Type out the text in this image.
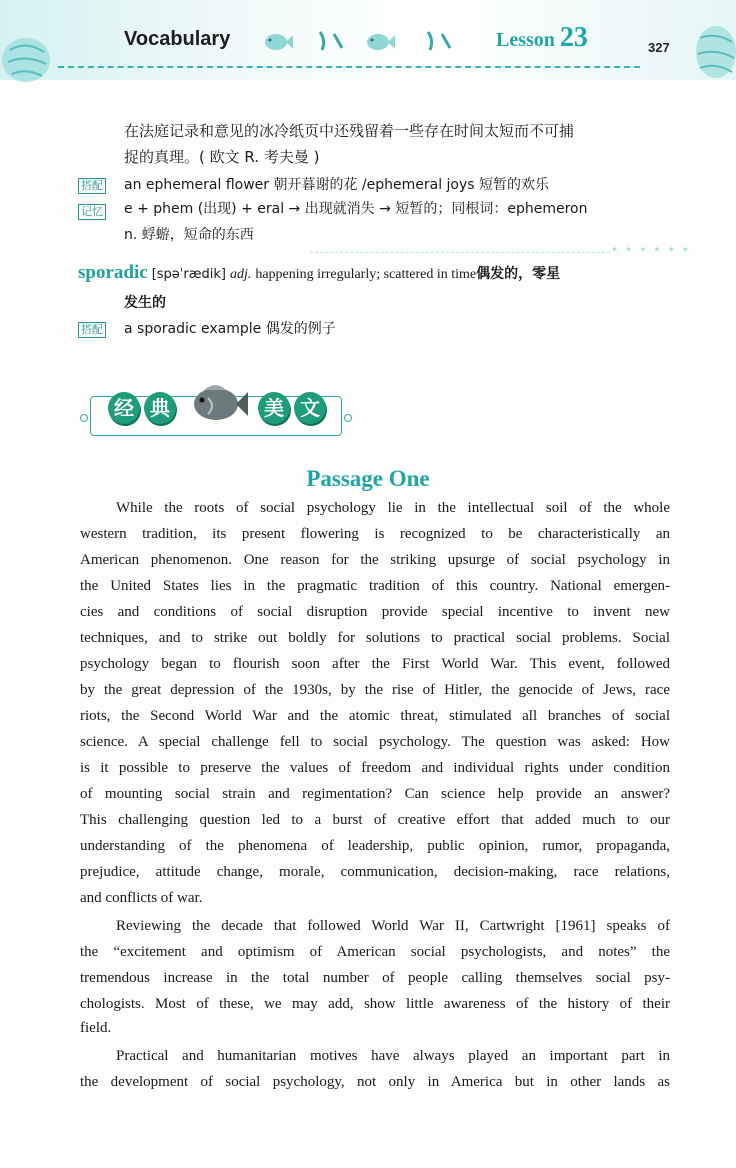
Vocabulary	Lesson 23	327
在法庭记录和意见的冰冷纸页中还残留着一些存在时间太短而不可捕
捉的真理。( 欧文 R. 考夫曼 )
搭配 an ephemeral flower 朝开暮谢的花 /ephemeral joys 短暂的欢乐
记忆 e + phem (出现) + eral → 出现就消失 → 短暂的；同根词：ephemeron
n. 蜉蝣，短命的东西
* * * * * *
sporadic [spəˈrædik] adj. happening irregularly; scattered in time偶发的，零星
发生的
搭配 a sporadic example 偶发的例子
经 典	美 文
Passage One
While the roots of social psychology lie in the intellectual soil of the whole
western tradition, its present flowering is recognized to be characteristically an
American phenomenon. One reason for the striking upsurge of social psychology in
the United States lies in the pragmatic tradition of this country. National emergen-
cies and conditions of social disruption provide special incentive to invent new
techniques, and to strike out boldly for solutions to practical social problems. Social
psychology began to flourish soon after the First World War. This event, followed
by the great depression of the 1930s, by the rise of Hitler, the genocide of Jews, race
riots, the Second World War and the atomic threat, stimulated all branches of social
science. A special challenge fell to social psychology. The question was asked: How
is it possible to preserve the values of freedom and individual rights under condition
of mounting social strain and regimentation? Can science help provide an answer?
This challenging question led to a burst of creative effort that added much to our
understanding of the phenomena of leadership, public opinion, rumor, propaganda,
prejudice, attitude change, morale, communication, decision-making, race relations,
and conflicts of war.
Reviewing the decade that followed World War II, Cartwright [1961] speaks of
the “excitement and optimism of American social psychologists, and notes” the
tremendous increase in the total number of people calling themselves social psy-
chologists. Most of these, we may add, show little awareness of the history of their
field.
Practical and humanitarian motives have always played an important part in
the development of social psychology, not only in America but in other lands as
